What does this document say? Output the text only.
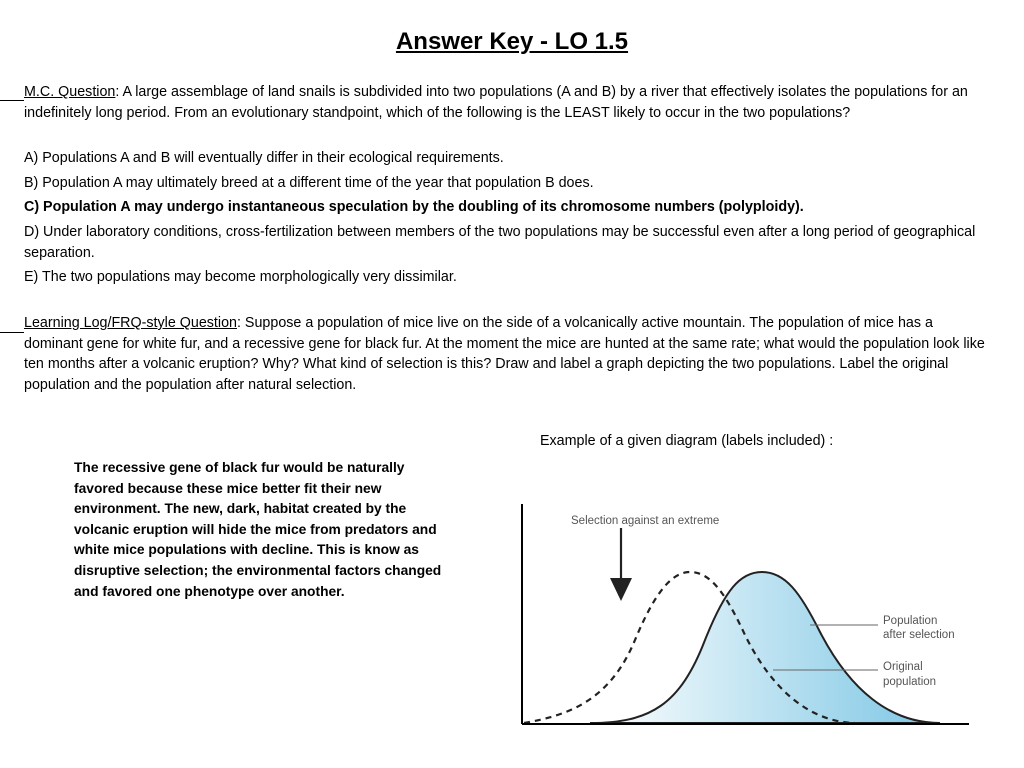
Answer Key - LO 1.5
M.C. Question: A large assemblage of land snails is subdivided into two populations (A and B) by a river that effectively isolates the populations for an indefinitely long period. From an evolutionary standpoint, which of the following is the LEAST likely to occur in the two populations?
A) Populations A and B will eventually differ in their ecological requirements.
B) Population A may ultimately breed at a different time of the year that population B does.
C) Population A may undergo instantaneous speculation by the doubling of its chromosome numbers (polyploidy).
D) Under laboratory conditions, cross-fertilization between members of the two populations may be successful even after a long period of geographical separation.
E) The two populations may become morphologically very dissimilar.
Learning Log/FRQ-style Question: Suppose a population of mice live on the side of a volcanically active mountain. The population of mice has a dominant gene for white fur, and a recessive gene for black fur. At the moment the mice are hunted at the same rate; what would the population look like ten months after a volcanic eruption? Why? What kind of selection is this? Draw and label a graph depicting the two populations. Label the original population and the population after natural selection.
The recessive gene of black fur would be naturally favored because these mice better fit their new environment. The new, dark, habitat created by the volcanic eruption will hide the mice from predators and white mice populations with decline. This is know as disruptive selection; the environmental factors changed and favored one phenotype over another.
Example of a given diagram (labels included) :
Selection against an extreme
Population
after selection
Original
population
